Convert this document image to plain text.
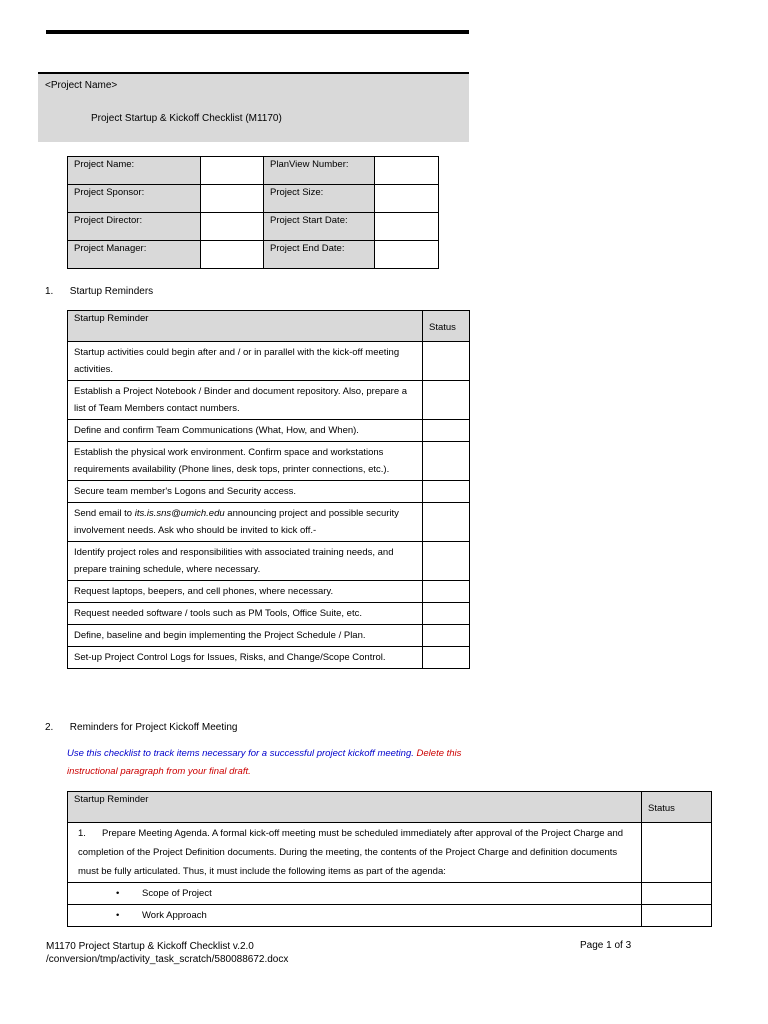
<Project Name>
Project Startup & Kickoff Checklist (M1170)
Project Name:		PlanView Number:	
Project Sponsor:		Project Size:	
Project Director:		Project Start Date:	
Project Manager:		Project End Date:	
1. Startup Reminders
Startup Reminder	Status
Startup activities could begin after and / or in parallel with the kick-off meeting activities.	
Establish a Project Notebook / Binder and document repository. Also, prepare a list of Team Members contact numbers.	
Define and confirm Team Communications (What, How, and When).	
Establish the physical work environment. Confirm space and workstations requirements availability (Phone lines, desk tops, printer connections, etc.).	
Secure team member's Logons and Security access.	
Send email to its.is.sns@umich.edu announcing project and possible security involvement needs. Ask who should be invited to kick off.-	
Identify project roles and responsibilities with associated training needs, and prepare training schedule, where necessary.	
Request laptops, beepers, and cell phones, where necessary.	
Request needed software / tools such as PM Tools, Office Suite, etc.	
Define, baseline and begin implementing the Project Schedule / Plan.	
Set-up Project Control Logs for Issues, Risks, and Change/Scope Control.	
2. Reminders for Project Kickoff Meeting
Use this checklist to track items necessary for a successful project kickoff meeting. Delete this instructional paragraph from your final draft.
Startup Reminder	Status
1. Prepare Meeting Agenda. A formal kick-off meeting must be scheduled immediately after approval of the Project Charge and completion of the Project Definition documents. During the meeting, the contents of the Project Charge and definition documents must be fully articulated. Thus, it must include the following items as part of the agenda:	
• Scope of Project	
• Work Approach	
M1170 Project Startup & Kickoff Checklist v.2.0
/conversion/tmp/activity_task_scratch/580088672.docx
Page 1 of 3
